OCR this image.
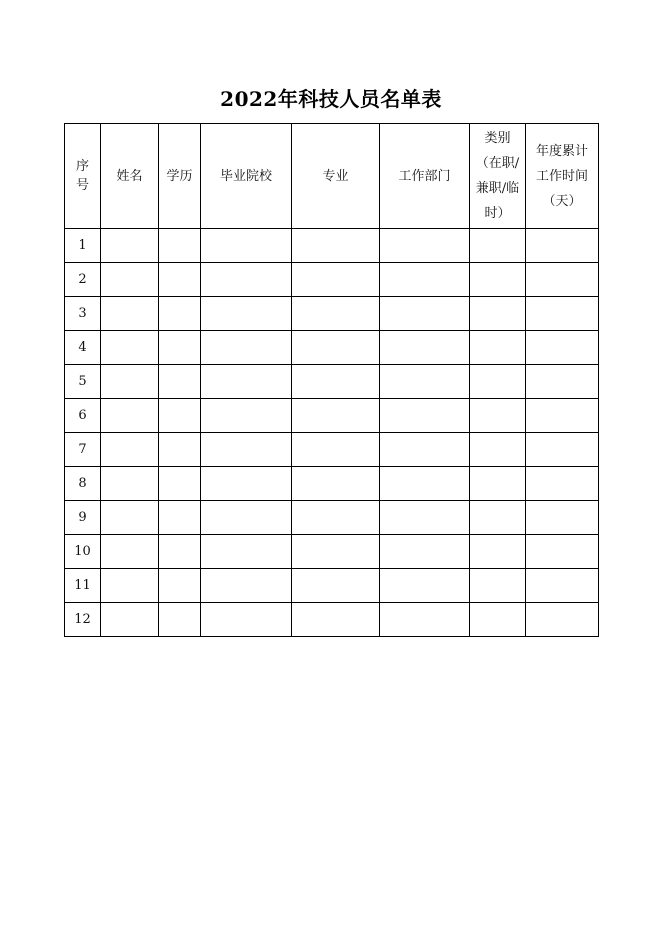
2022年科技人员名单表
序号	姓名	学历	毕业院校	专业	工作部门	类别（在职/兼职/临时）	年度累计工作时间（天）
1							
2							
3							
4							
5							
6							
7							
8							
9							
10							
11							
12							
